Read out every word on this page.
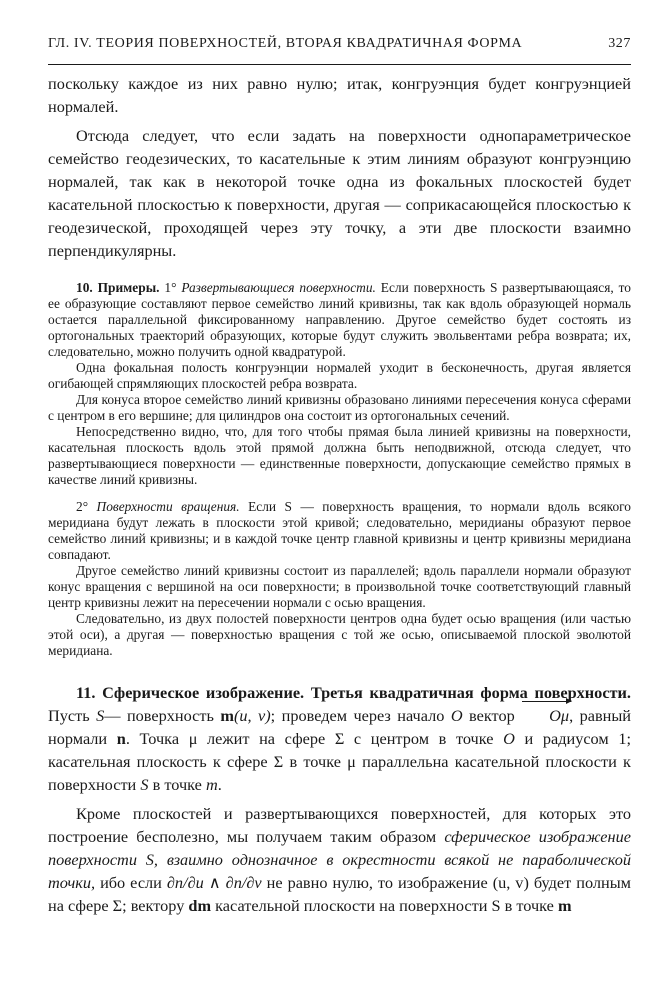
ГЛ. IV. ТЕОРИЯ ПОВЕРХНОСТЕЙ, ВТОРАЯ КВАДРАТИЧНАЯ ФОРМА	327

поскольку каждое из них равно нулю; итак, конгруэнция будет конгруэнцией нормалей.

Отсюда следует, что если задать на поверхности однопараметрическое семейство геодезических, то касательные к этим линиям образуют конгруэнцию нормалей, так как в некоторой точке одна из фокальных плоскостей будет касательной плоскостью к поверхности, другая — соприкасающейся плоскостью к геодезической, проходящей через эту точку, а эти две плоскости взаимно перпендикулярны.

10. Примеры. 1° Развертывающиеся поверхности. Если поверхность S развертывающаяся, то ее образующие составляют первое семейство линий кривизны, так как вдоль образующей нормаль остается параллельной фиксированному направлению. Другое семейство будет состоять из ортогональных траекторий образующих, которые будут служить эвольвентами ребра возврата; их, следовательно, можно получить одной квадратурой.

Одна фокальная полость конгруэнции нормалей уходит в бесконечность, другая является огибающей спрямляющих плоскостей ребра возврата.

Для конуса второе семейство линий кривизны образовано линиями пересечения конуса сферами с центром в его вершине; для цилиндров она состоит из ортогональных сечений.

Непосредственно видно, что, для того чтобы прямая была линией кривизны на поверхности, касательная плоскость вдоль этой прямой должна быть неподвижной, отсюда следует, что развертывающиеся поверхности — единственные поверхности, допускающие семейство прямых в качестве линий кривизны.

2° Поверхности вращения. Если S — поверхность вращения, то нормали вдоль всякого меридиана будут лежать в плоскости этой кривой; следовательно, меридианы образуют первое семейство линий кривизны; и в каждой точке центр главной кривизны и центр кривизны меридиана совпадают.

Другое семейство линий кривизны состоит из параллелей; вдоль параллели нормали образуют конус вращения с вершиной на оси поверхности; в произвольной точке соответствующий главный центр кривизны лежит на пересечении нормали с осью вращения.

Следовательно, из двух полостей поверхности центров одна будет осью вращения (или частью этой оси), а другая — поверхностью вращения с той же осью, описываемой плоской эволютой меридиана.

11. Сферическое изображение. Третья квадратичная форма поверхности. Пусть S— поверхность m(u, v); проведем через начало O вектор Oμ, равный нормали n. Точка μ лежит на сфере Σ с центром в точке O и радиусом 1; касательная плоскость к сфере Σ в точке μ параллельна касательной плоскости к поверхности S в точке m.

Кроме плоскостей и развертывающихся поверхностей, для которых это построение бесполезно, мы получаем таким образом сферическое изображение поверхности S, взаимно однозначное в окрестности всякой не параболической точки, ибо если ∂n/∂u ∧ ∂n/∂v не равно нулю, то изображение (u, v) будет полным на сфере Σ; вектору dm касательной плоскости на поверхности S в точке m
